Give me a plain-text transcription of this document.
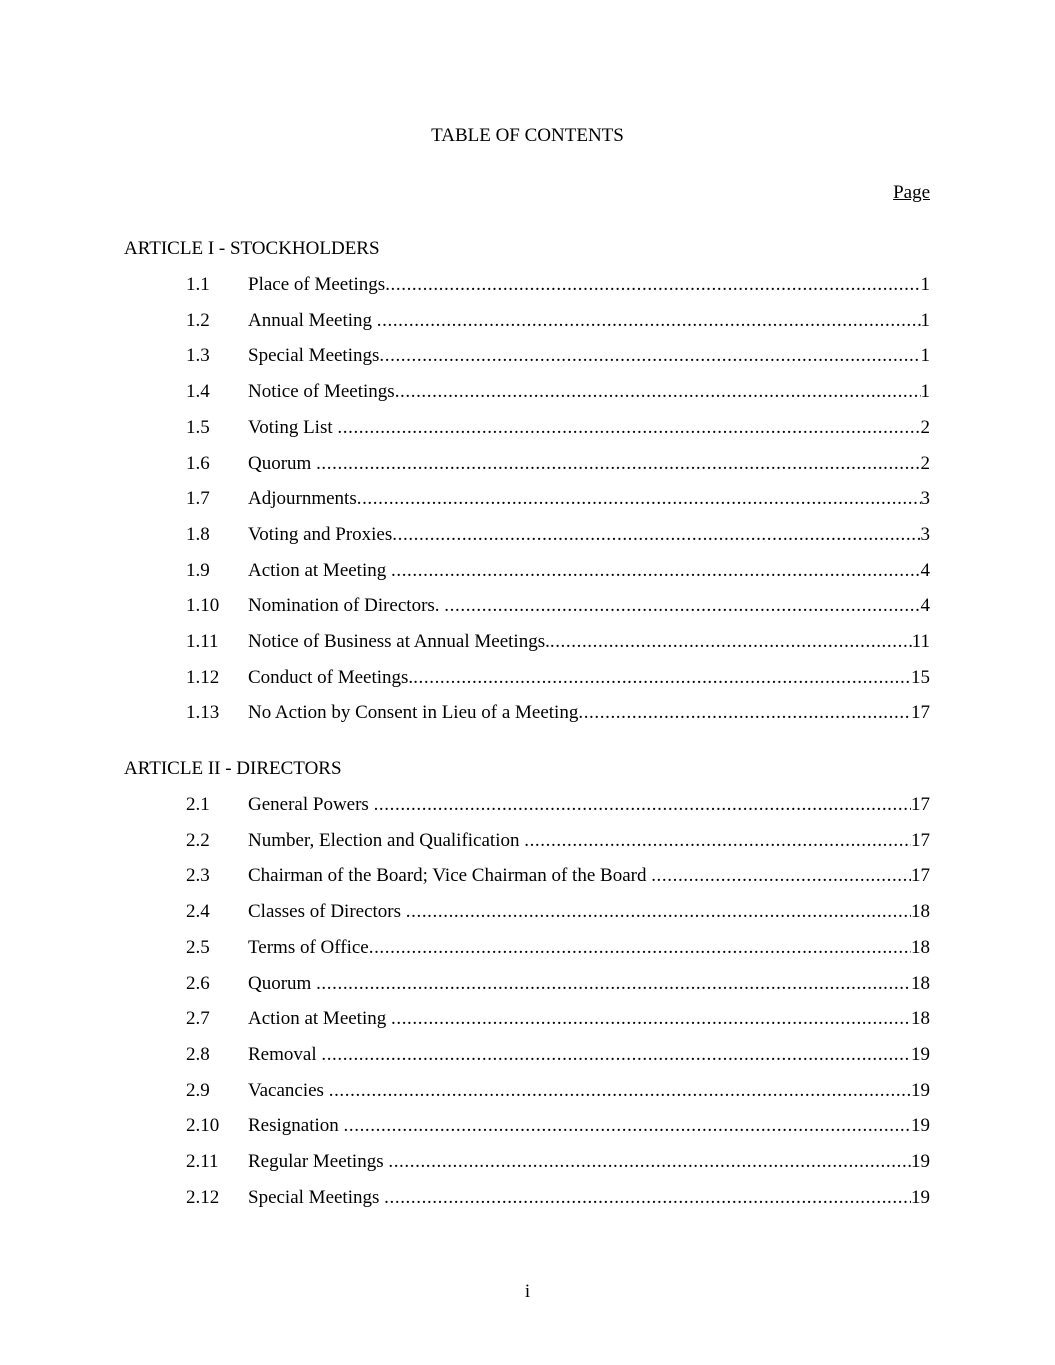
TABLE OF CONTENTS
Page
ARTICLE I - STOCKHOLDERS
1.1 Place of Meetings .....	1
1.2 Annual Meeting .....	1
1.3 Special Meetings .....	1
1.4 Notice of Meetings .....	1
1.5 Voting List .....	2
1.6 Quorum .....	2
1.7 Adjournments .....	3
1.8 Voting and Proxies .....	3
1.9 Action at Meeting .....	4
1.10 Nomination of Directors. .....	4
1.11 Notice of Business at Annual Meetings. .....	11
1.12 Conduct of Meetings. .....	15
1.13 No Action by Consent in Lieu of a Meeting .....	17
ARTICLE II - DIRECTORS
2.1 General Powers .....	17
2.2 Number, Election and Qualification .....	17
2.3 Chairman of the Board; Vice Chairman of the Board .....	17
2.4 Classes of Directors .....	18
2.5 Terms of Office .....	18
2.6 Quorum .....	18
2.7 Action at Meeting .....	18
2.8 Removal .....	19
2.9 Vacancies .....	19
2.10 Resignation .....	19
2.11 Regular Meetings .....	19
2.12 Special Meetings .....	19
i
